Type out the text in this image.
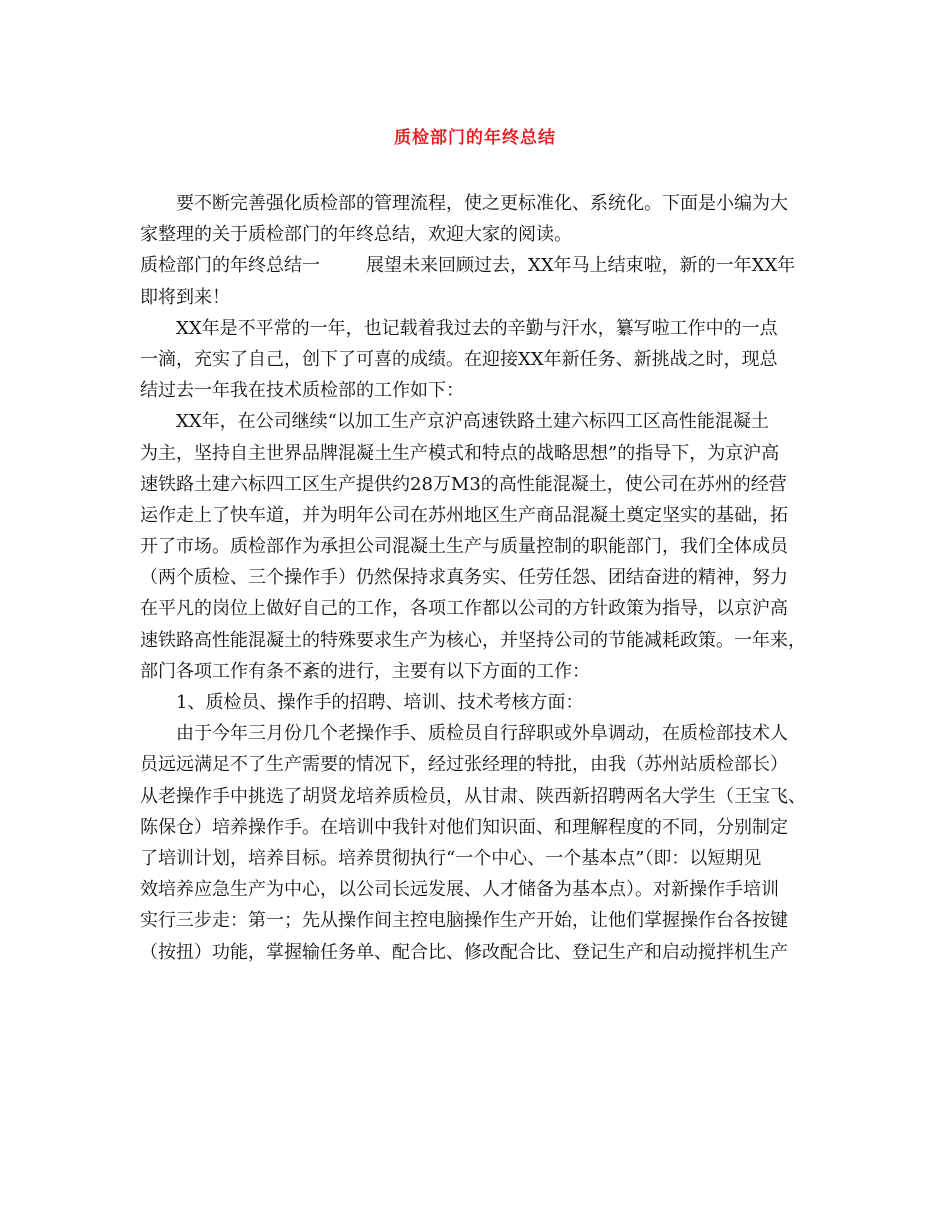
质检部门的年终总结
要不断完善强化质检部的管理流程，使之更标准化、系统化。下面是小编为大
家整理的关于质检部门的年终总结，欢迎大家的阅读。
质检部门的年终总结一	展望未来回顾过去，XX年马上结束啦，新的一年XX年
即将到来！
XX年是不平常的一年，也记载着我过去的辛勤与汗水，纂写啦工作中的一点
一滴，充实了自己，创下了可喜的成绩。在迎接XX年新任务、新挑战之时，现总
结过去一年我在技术质检部的工作如下：
XX年，在公司继续“以加工生产京沪高速铁路土建六标四工区高性能混凝土
为主，坚持自主世界品牌混凝土生产模式和特点的战略思想”的指导下，为京沪高
速铁路土建六标四工区生产提供约28万M3的高性能混凝土，使公司在苏州的经营
运作走上了快车道，并为明年公司在苏州地区生产商品混凝土奠定坚实的基础，拓
开了市场。质检部作为承担公司混凝土生产与质量控制的职能部门，我们全体成员
（两个质检、三个操作手）仍然保持求真务实、任劳任怨、团结奋进的精神，努力
在平凡的岗位上做好自己的工作，各项工作都以公司的方针政策为指导，以京沪高
速铁路高性能混凝土的特殊要求生产为核心，并坚持公司的节能减耗政策。一年来，
部门各项工作有条不紊的进行，主要有以下方面的工作：
1、质检员、操作手的招聘、培训、技术考核方面：
由于今年三月份几个老操作手、质检员自行辞职或外阜调动，在质检部技术人
员远远满足不了生产需要的情况下，经过张经理的特批，由我（苏州站质检部长）
从老操作手中挑选了胡贤龙培养质检员，从甘肃、陕西新招聘两名大学生（王宝飞、
陈保仓）培养操作手。在培训中我针对他们知识面、和理解程度的不同，分别制定
了培训计划，培养目标。培养贯彻执行“一个中心、一个基本点”（即：以短期见
效培养应急生产为中心，以公司长远发展、人才储备为基本点）。对新操作手培训
实行三步走：第一；先从操作间主控电脑操作生产开始，让他们掌握操作台各按键
（按扭）功能，掌握输任务单、配合比、修改配合比、登记生产和启动搅拌机生产
